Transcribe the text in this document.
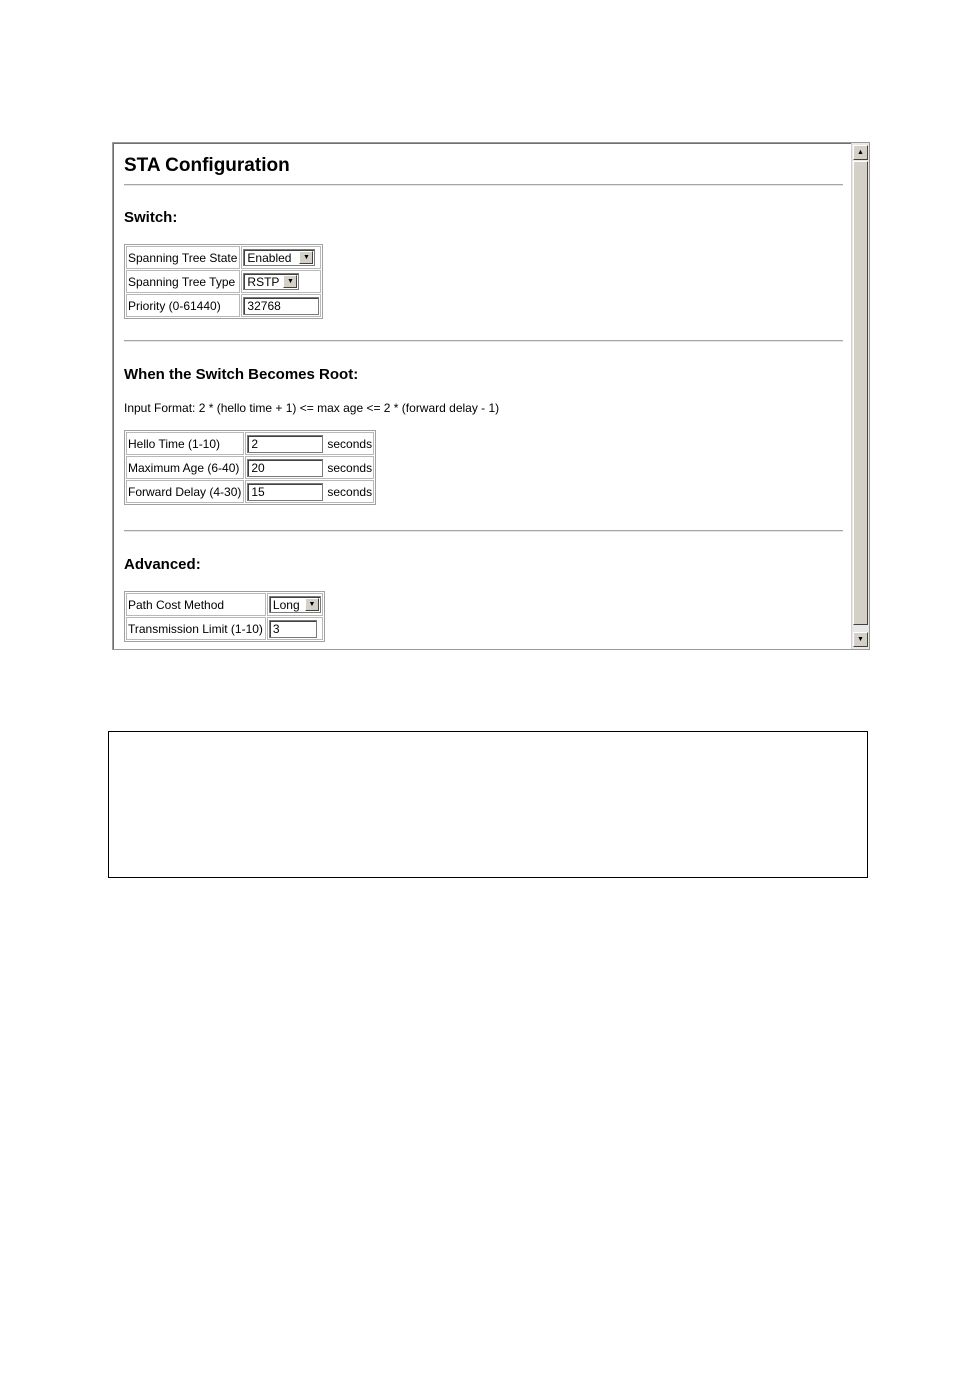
STA Configuration
Switch:
Spanning Tree State	Enabled ▼

Spanning Tree Type	RSTP ▼

Priority (0-61440)	32768
When the Switch Becomes Root:
Input Format: 2 * (hello time + 1) <= max age <= 2 * (forward delay - 1)
Hello Time (1-10)	2 seconds
Maximum Age (6-40)	20 seconds
Forward Delay (4-30)	15 seconds
Advanced:
Path Cost Method	Long ▼

Transmission Limit (1-10)	3
▲
▼
